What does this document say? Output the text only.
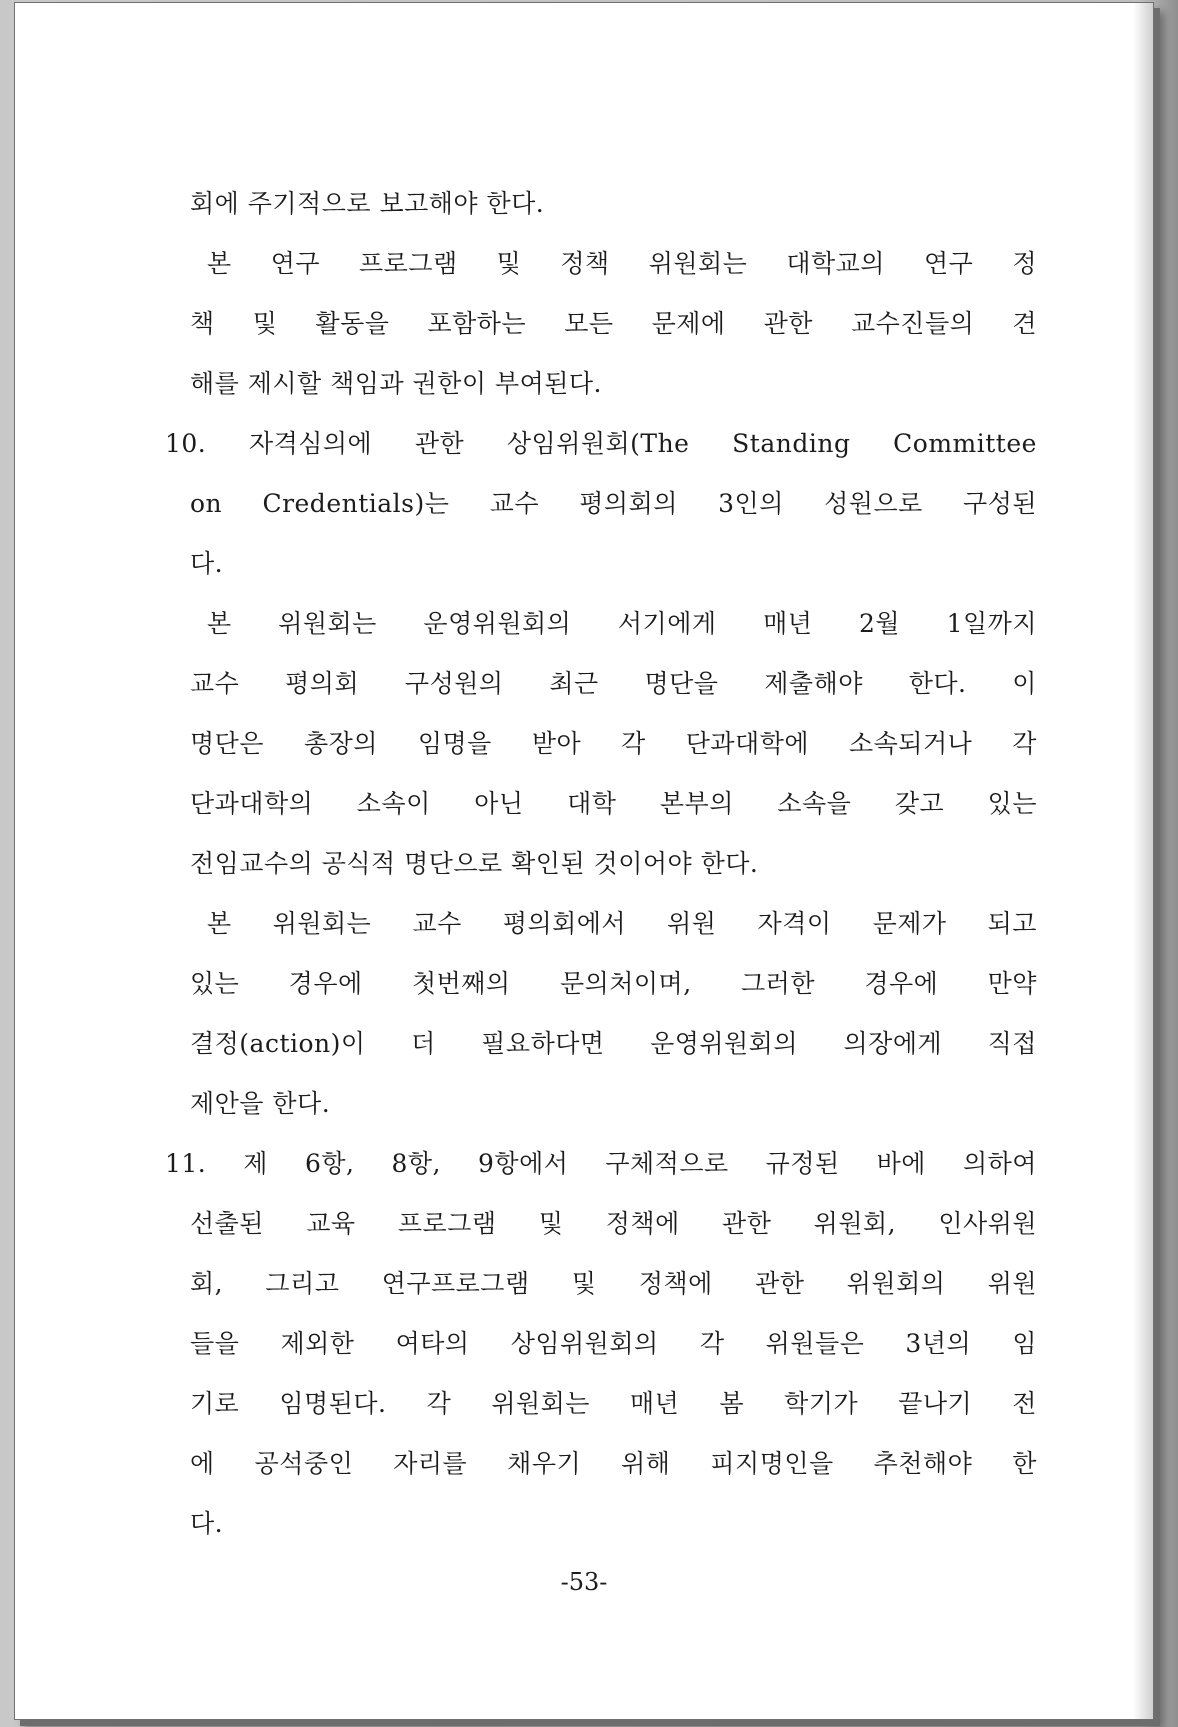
회에 주기적으로 보고해야 한다.
본 연구 프로그램 및 정책 위원회는 대학교의 연구 정
책 및 활동을 포함하는 모든 문제에 관한 교수진들의 견
해를 제시할 책임과 권한이 부여된다.
10. 자격심의에 관한 상임위원회(The Standing Committee
on Credentials)는 교수 평의회의 3인의 성원으로 구성된
다.
본 위원회는 운영위원회의 서기에게 매년 2월 1일까지
교수 평의회 구성원의 최근 명단을 제출해야 한다. 이
명단은 총장의 임명을 받아 각 단과대학에 소속되거나 각
단과대학의 소속이 아닌 대학 본부의 소속을 갖고 있는
전임교수의 공식적 명단으로 확인된 것이어야 한다.
본 위원회는 교수 평의회에서 위원 자격이 문제가 되고
있는 경우에 첫번째의 문의처이며, 그러한 경우에 만약
결정(action)이 더 필요하다면 운영위원회의 의장에게 직접
제안을 한다.
11. 제 6항, 8항, 9항에서 구체적으로 규정된 바에 의하여
선출된 교육 프로그램 및 정책에 관한 위원회, 인사위원
회, 그리고 연구프로그램 및 정책에 관한 위원회의 위원
들을 제외한 여타의 상임위원회의 각 위원들은 3년의 임
기로 임명된다. 각 위원회는 매년 봄 학기가 끝나기 전
에 공석중인 자리를 채우기 위해 피지명인을 추천해야 한
다.
-53-
